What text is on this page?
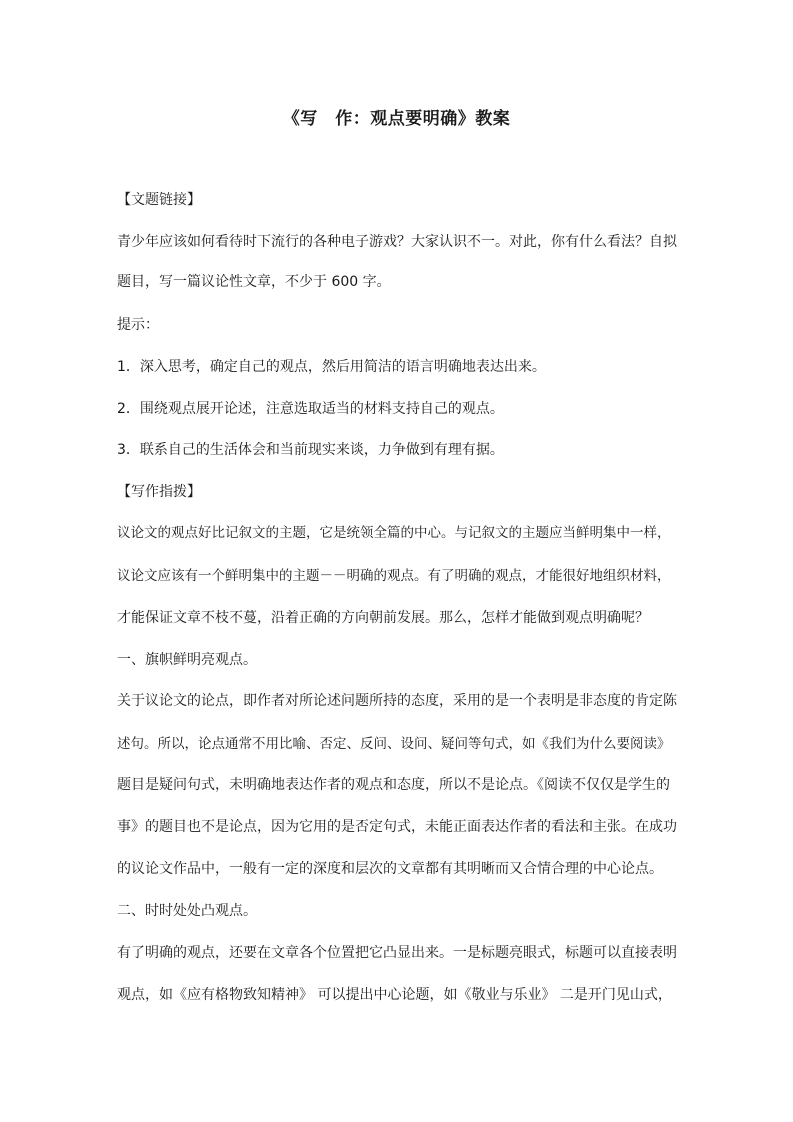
《写　作：观点要明确》教案
【文题链接】
青少年应该如何看待时下流行的各种电子游戏？大家认识不一。对此，你有什么看法？自拟
题目，写一篇议论性文章，不少于 600 字。
提示：
1．深入思考，确定自己的观点，然后用简洁的语言明确地表达出来。
2．围绕观点展开论述，注意选取适当的材料支持自己的观点。
3．联系自己的生活体会和当前现实来谈，力争做到有理有据。
【写作指拨】
议论文的观点好比记叙文的主题，它是统领全篇的中心。与记叙文的主题应当鲜明集中一样，
议论文应该有一个鲜明集中的主题－－明确的观点。有了明确的观点，才能很好地组织材料，
才能保证文章不枝不蔓，沿着正确的方向朝前发展。那么，怎样才能做到观点明确呢？
一、旗帜鲜明亮观点。
关于议论文的论点，即作者对所论述问题所持的态度，采用的是一个表明是非态度的肯定陈
述句。所以，论点通常不用比喻、否定、反问、设问、疑问等句式，如《我们为什么要阅读》
题目是疑问句式，未明确地表达作者的观点和态度，所以不是论点。《阅读不仅仅是学生的
事》的题目也不是论点，因为它用的是否定句式，未能正面表达作者的看法和主张。在成功
的议论文作品中，一般有一定的深度和层次的文章都有其明晰而又合情合理的中心论点。
二、时时处处凸观点。
有了明确的观点，还要在文章各个位置把它凸显出来。一是标题亮眼式，标题可以直接表明
观点，如《应有格物致知精神》 可以提出中心论题，如《敬业与乐业》 二是开门见山式，
